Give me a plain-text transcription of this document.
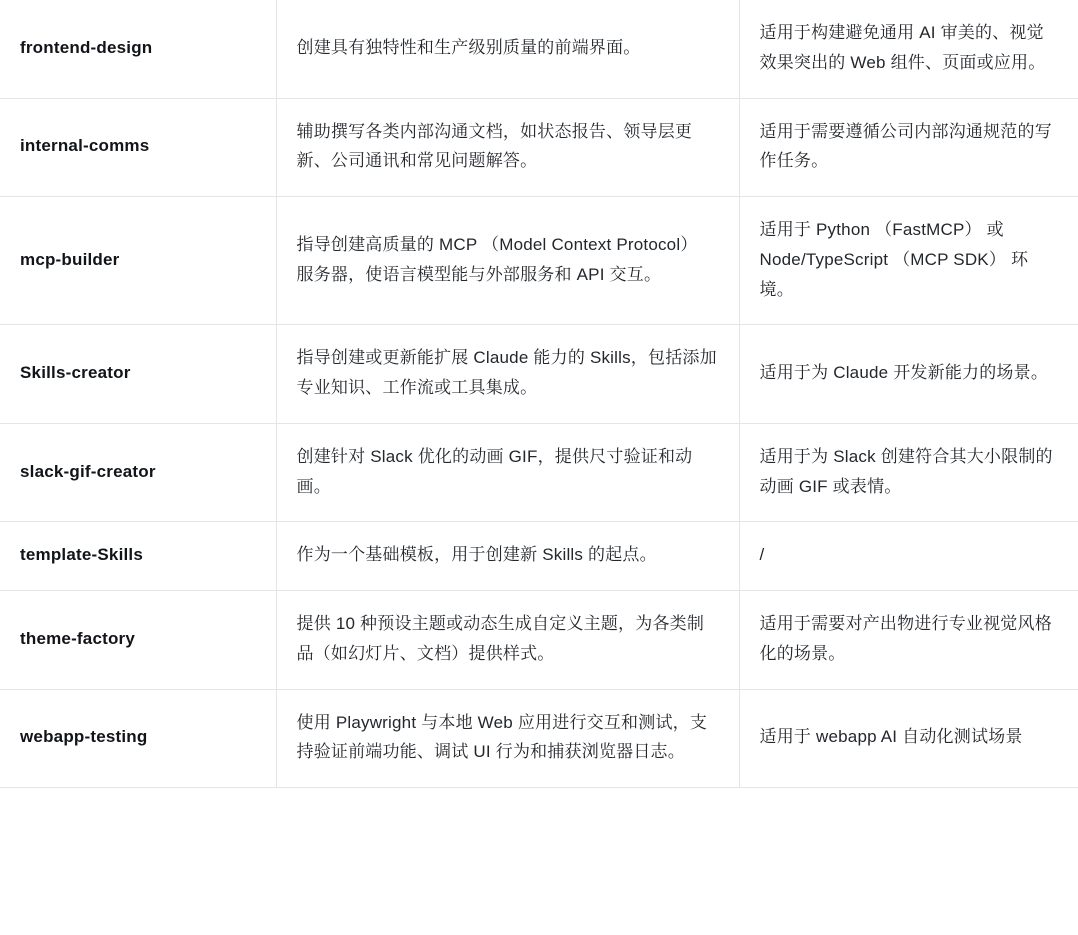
frontend-design	创建具有独特性和生产级别质量的前端界面。	适用于构建避免通用 AI 审美的、视觉效果突出的 Web 组件、页面或应用。
internal-comms	辅助撰写各类内部沟通文档，如状态报告、领导层更新、公司通讯和常见问题解答。	适用于需要遵循公司内部沟通规范的写作任务。
mcp-builder	指导创建高质量的 MCP （Model Context Protocol） 服务器，使语言模型能与外部服务和 API 交互。	适用于 Python （FastMCP） 或 Node/TypeScript （MCP SDK） 环境。
Skills-creator	指导创建或更新能扩展 Claude 能力的 Skills，包括添加专业知识、工作流或工具集成。	适用于为 Claude 开发新能力的场景。
slack-gif-creator	创建针对 Slack 优化的动画 GIF，提供尺寸验证和动画。	适用于为 Slack 创建符合其大小限制的动画 GIF 或表情。
template-Skills	作为一个基础模板，用于创建新 Skills 的起点。	/
theme-factory	提供 10 种预设主题或动态生成自定义主题，为各类制品（如幻灯片、文档）提供样式。	适用于需要对产出物进行专业视觉风格化的场景。
webapp-testing	使用 Playwright 与本地 Web 应用进行交互和测试，支持验证前端功能、调试 UI 行为和捕获浏览器日志。	适用于 webapp AI 自动化测试场景
